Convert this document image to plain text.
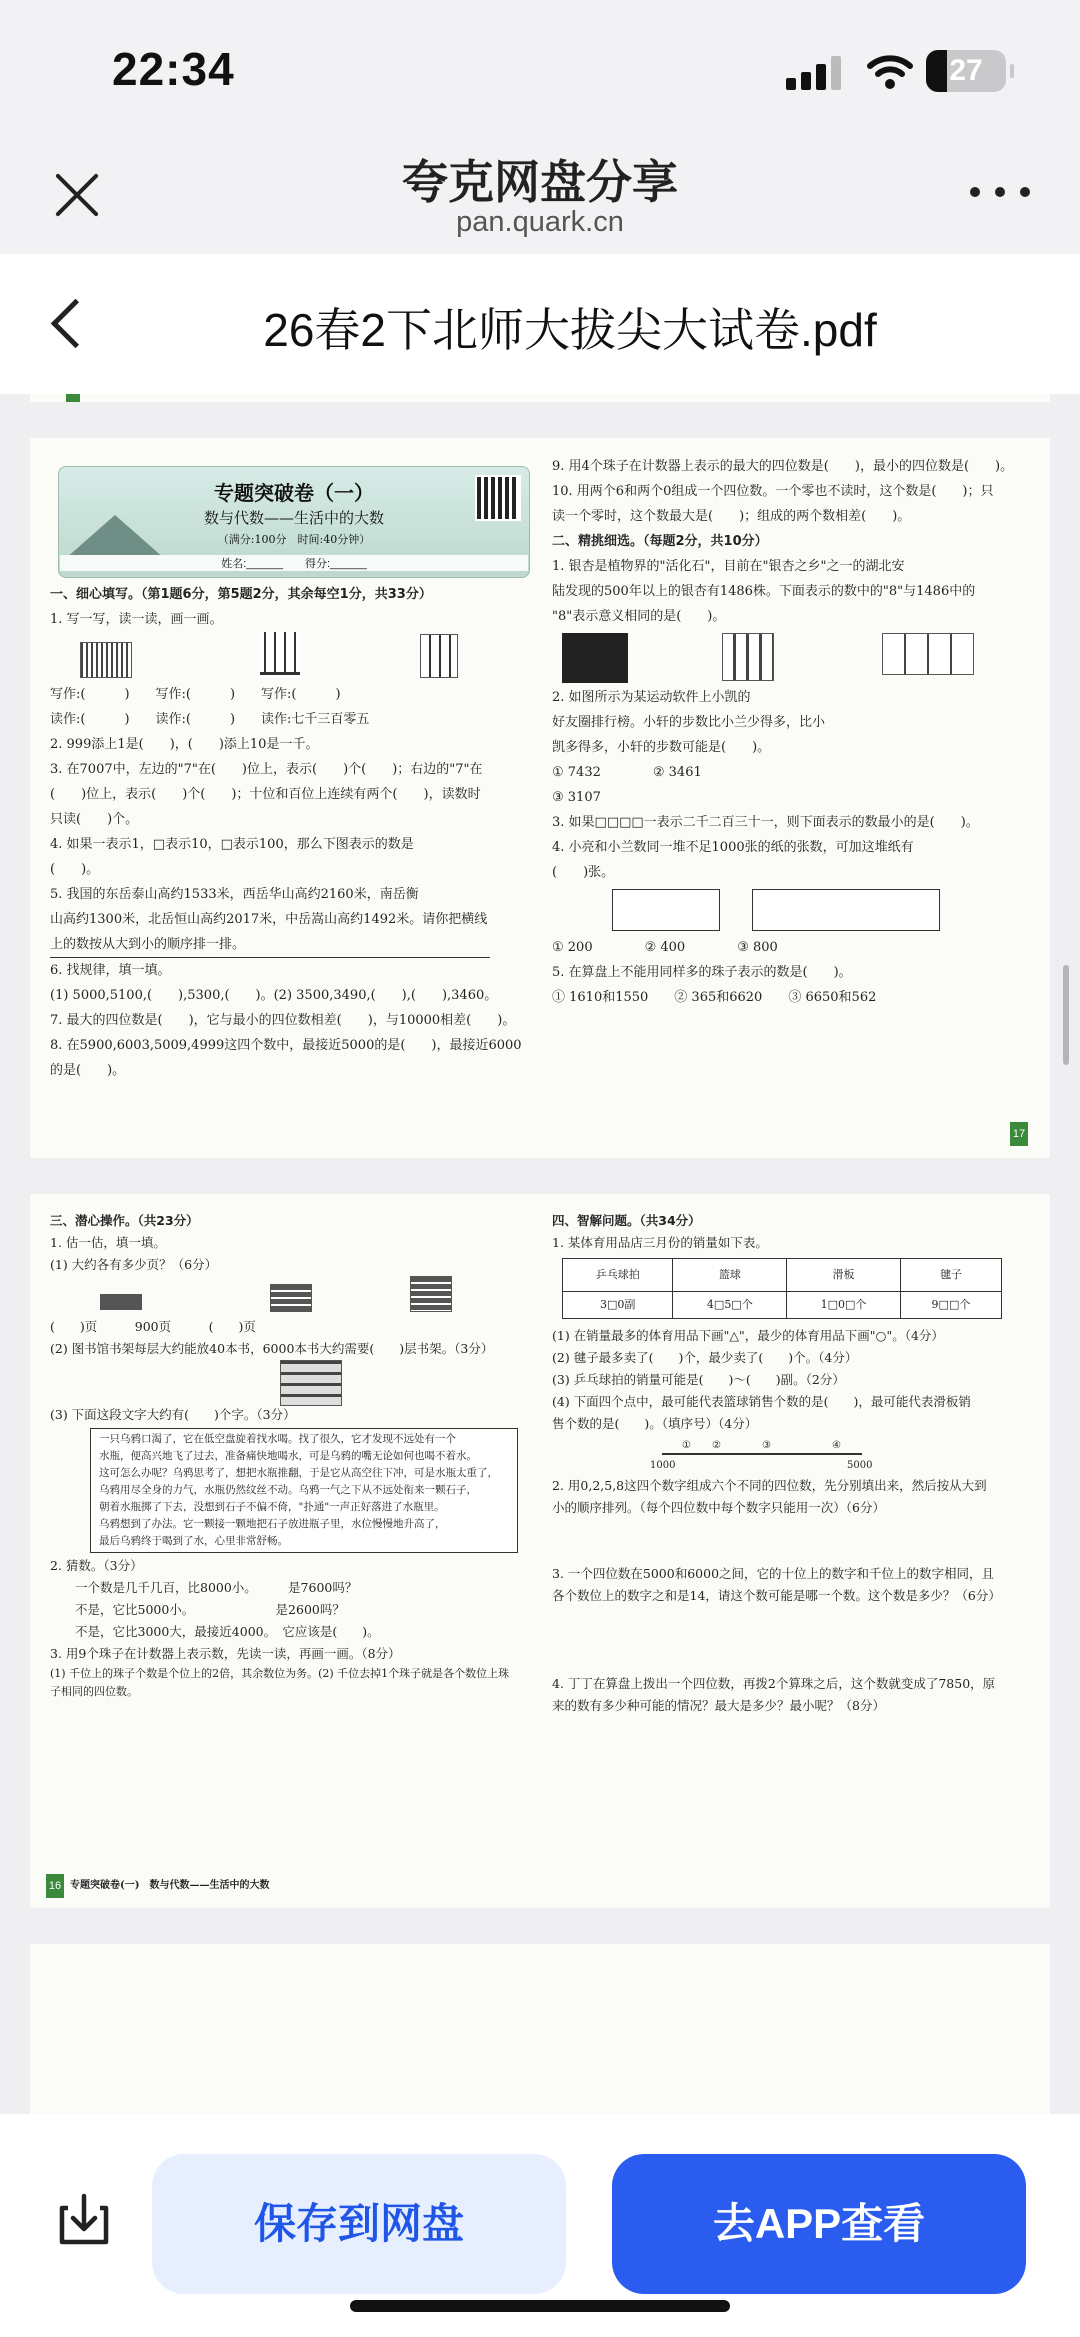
22:34	27
夸克网盘分享
pan.quark.cn
26春2下北师大拔尖大试卷.pdf
专题突破卷（一）
数与代数——生活中的大数
（满分:100分　时间:40分钟）
姓名:______　　得分:______

一、细心填写。（第1题6分，第5题2分，其余每空1分，共33分）

1. 写一写，读一读，画一画。

写作:(　　　)　　写作:(　　　)　　写作:(　　　)

读作:(　　　)　　读作:(　　　)　　读作:七千三百零五

2. 999添上1是(　　)，(　　)添上10是一千。

3. 在7007中，左边的"7"在(　　)位上，表示(　　)个(　　)；右边的"7"在

(　　)位上，表示(　　)个(　　)；十位和百位上连续有两个(　　)，读数时

只读(　　)个。

4. 如果一表示1，□表示10，□表示100，那么下图表示的数是

(　　)。

5. 我国的东岳泰山高约1533米，西岳华山高约2160米，南岳衡

山高约1300米，北岳恒山高约2017米，中岳嵩山高约1492米。请你把横线

上的数按从大到小的顺序排一排。

6. 找规律，填一填。

(1) 5000,5100,(　　),5300,(　　)。(2) 3500,3490,(　　),(　　),3460。

7. 最大的四位数是(　　)，它与最小的四位数相差(　　)，与10000相差(　　)。

8. 在5900,6003,5009,4999这四个数中，最接近5000的是(　　)，最接近6000

的是(　　)。

9. 用4个珠子在计数器上表示的最大的四位数是(　　)，最小的四位数是(　　)。

10. 用两个6和两个0组成一个四位数。一个零也不读时，这个数是(　　)；只

读一个零时，这个数最大是(　　)；组成的两个数相差(　　)。

二、精挑细选。（每题2分，共10分）

1. 银杏是植物界的"活化石"，目前在"银杏之乡"之一的湖北安

陆发现的500年以上的银杏有1486株。下面表示的数中的"8"与1486中的

"8"表示意义相同的是(　　)。

2. 如图所示为某运动软件上小凯的

好友圈排行榜。小轩的步数比小兰少得多，比小

凯多得多，小轩的步数可能是(　　)。

① 7432　　　　② 3461

③ 3107

3. 如果□□□□一表示二千二百三十一，则下面表示的数最小的是(　　)。

4. 小亮和小兰数同一堆不足1000张的纸的张数，可加这堆纸有

(　　)张。

① 200　　　　② 400　　　　③ 800

5. 在算盘上不能用同样多的珠子表示的数是(　　)。

① 1610和1550　　② 365和6620　　③ 6650和562

17

三、潜心操作。（共23分）

1. 估一估，填一填。

(1) 大约各有多少页？（6分）

(　　)页　　　900页　　　(　　)页

(2) 图书馆书架每层大约能放40本书，6000本书大约需要(　　)层书架。（3分）

(3) 下面这段文字大约有(　　)个字。（3分）

一只乌鸦口渴了，它在低空盘旋着找水喝。找了很久，它才发现不远处有一个

水瓶，便高兴地飞了过去，准备痛快地喝水，可是乌鸦的嘴无论如何也喝不着水。

这可怎么办呢？乌鸦思考了，想把水瓶推翻，于是它从高空往下冲，可是水瓶太重了，

乌鸦用尽全身的力气，水瓶仍然纹丝不动。乌鸦一气之下从不远处衔来一颗石子，

朝着水瓶掷了下去，没想到石子不偏不倚，"扑通"一声正好落进了水瓶里。

乌鸦想到了办法。它一颗接一颗地把石子放进瓶子里，水位慢慢地升高了，

最后乌鸦终于喝到了水，心里非常舒畅。

2. 猜数。（3分）

　　一个数是几千几百，比8000小。　　　是7600吗？

　　不是，它比5000小。　　　　　　　是2600吗？

　　不是，它比3000大，最接近4000。　它应该是(　　)。

3. 用9个珠子在计数器上表示数，先读一读，再画一画。（8分）

(1) 千位上的珠子个数是个位上的2倍，其余数位为务。(2) 千位去掉1个珠子就是各个数位上珠子相同的四位数。

四、智解问题。（共34分）

1. 某体育用品店三月份的销量如下表。

乒乓球拍	篮球	滑板	毽子
3□0副	4□5□个	1□0□个	9□□个

(1) 在销量最多的体育用品下画"△"，最少的体育用品下画"○"。（4分）

(2) 毽子最多卖了(　　)个，最少卖了(　　)个。（4分）

(3) 乒乓球拍的销量可能是(　　)～(　　)副。（2分）

(4) 下面四个点中，最可能代表篮球销售个数的是(　　)，最可能代表滑板销

售个数的是(　　)。（填序号）（4分）

1000	5000
① ②	③	④

2. 用0,2,5,8这四个数字组成六个不同的四位数，先分别填出来，然后按从大到

小的顺序排列。（每个四位数中每个数字只能用一次）（6分）

3. 一个四位数在5000和6000之间，它的十位上的数字和千位上的数字相同，且

各个数位上的数字之和是14，请这个数可能是哪一个数。这个数是多少？（6分）

4. 丁丁在算盘上拨出一个四位数，再拨2个算珠之后，这个数就变成了7850，原

来的数有多少种可能的情况？最大是多少？最小呢？（8分）

16 专题突破卷(一)　数与代数——生活中的大数
保存到网盘	去APP查看
